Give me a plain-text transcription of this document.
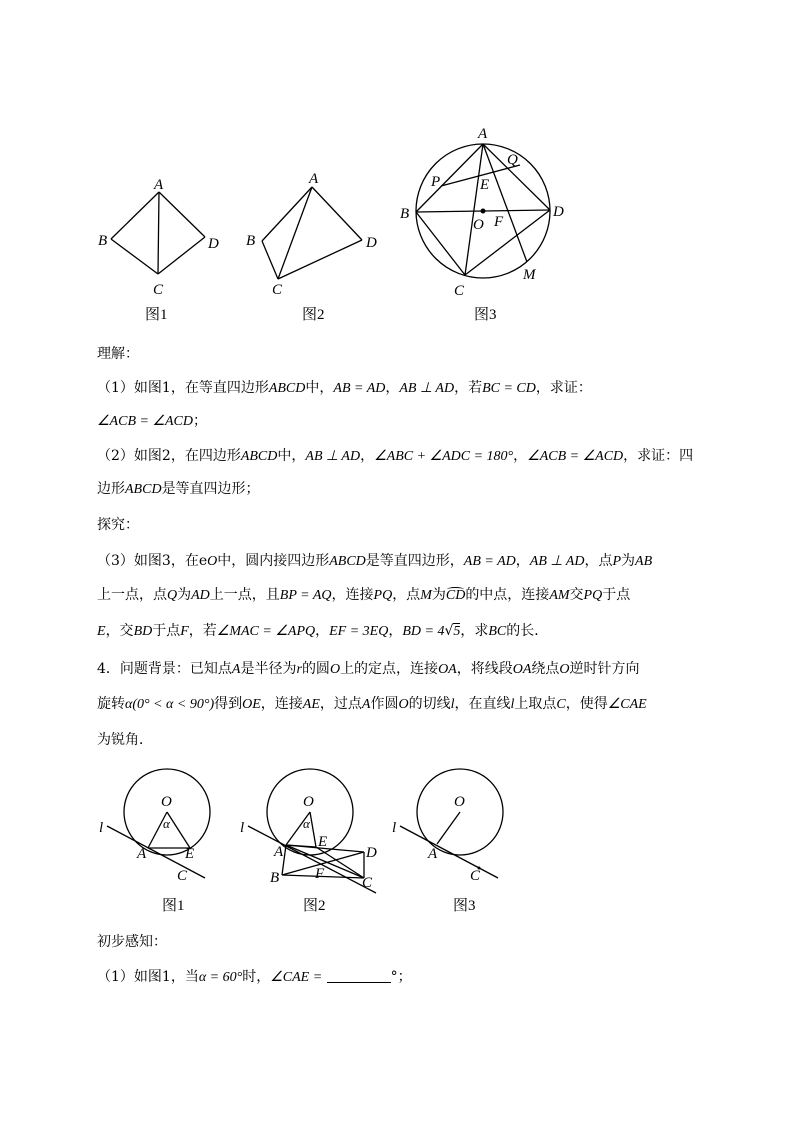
A
B
C
D
图1
A
B
C
D
图2
A
B
C
D
P
Q
E
O F
M
图3
理解：
（1）如图1，在等直四边形ABCD中，AB = AD，AB ⊥ AD，若BC = CD，求证：
∠ACB = ∠ACD；
（2）如图2，在四边形ABCD中，AB ⊥ AD，∠ABC + ∠ADC = 180°，∠ACB = ∠ACD，求证：四
边形ABCD是等直四边形；
探究：
（3）如图3，在eO中，圆内接四边形ABCD是等直四边形，AB = AD，AB ⊥ AD，点P为AB
上一点，点Q为AD上一点，且BP = AQ，连接PQ，点M为CD的中点，连接AM交PQ于点
E，交BD于点F，若∠MAC = ∠APQ，EF = 3EQ，BD = 4√5，求BC的长．
4．问题背景：已知点A是半径为r的圆O上的定点，连接OA，将线段OA绕点O逆时针方向
旋转α(0° < α < 90°)得到OE，连接AE，过点A作圆O的切线l，在直线l上取点C，使得∠CAE
为锐角．
O
α
l
A	E
C
图1
O
α
l
A
E
D
B F
C
图2
O
l
A
C
图3
初步感知：
（1）如图1，当α = 60°时，∠CAE =	°；
